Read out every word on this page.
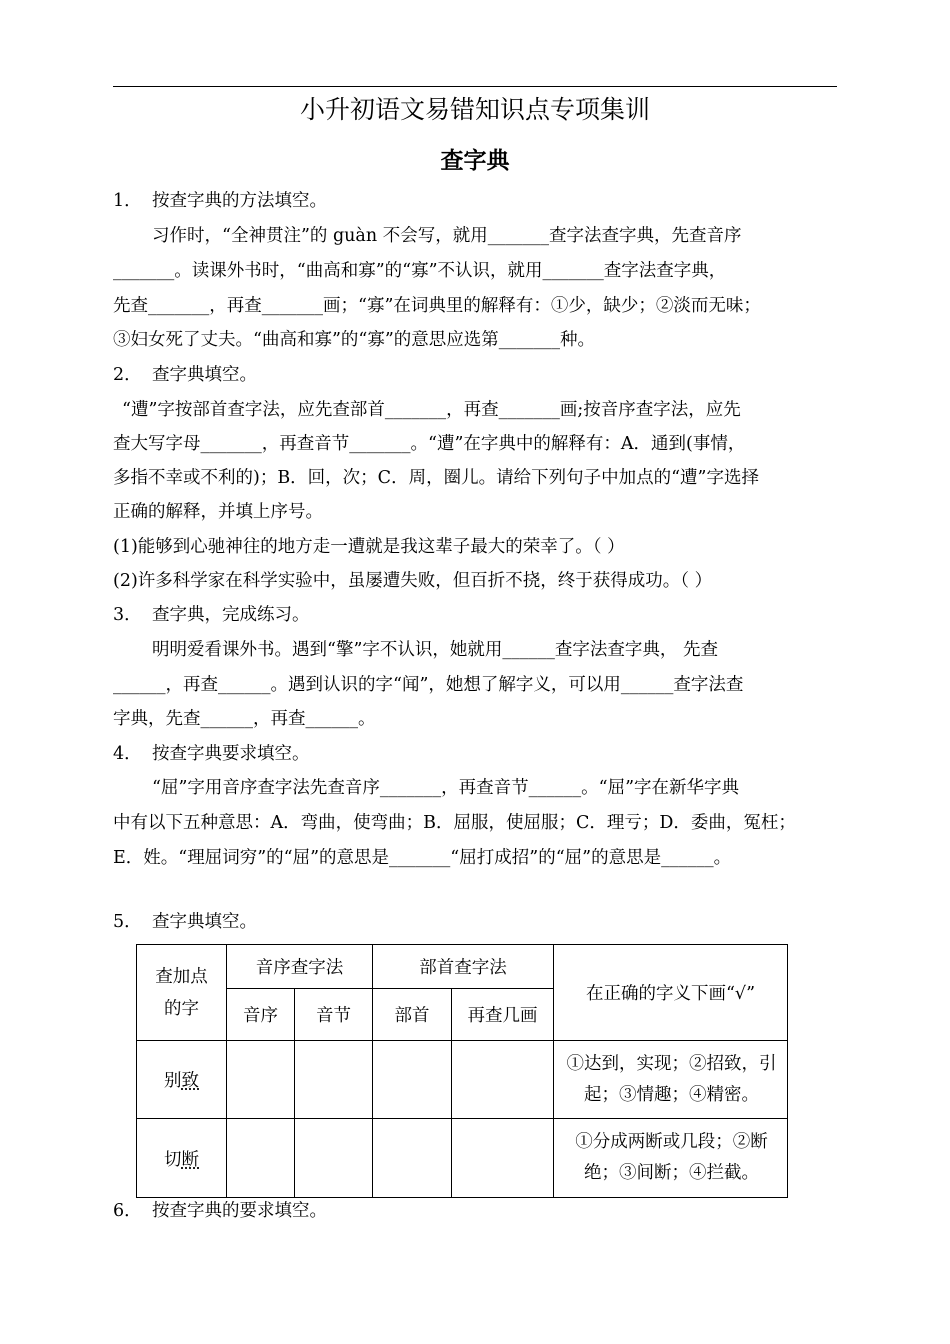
小升初语文易错知识点专项集训
查字典
1． 按查字典的方法填空。
习作时，“全神贯注”的 guàn 不会写，就用_______查字法查字典，先查音序
_______。读课外书时，“曲高和寡”的“寡”不认识，就用_______查字法查字典，
先查_______，再查_______画；“寡”在词典里的解释有：①少，缺少；②淡而无味；
③妇女死了丈夫。“曲高和寡”的“寡”的意思应选第_______种。
2． 查字典填空。
“遭”字按部首查字法，应先查部首_______，再查_______画;按音序查字法，应先
查大写字母_______，再查音节_______。“遭”在字典中的解释有：A．通到(事情，
多指不幸或不利的)；B．回，次；C．周，圈儿。请给下列句子中加点的“遭”字选择
正确的解释，并填上序号。
(1)能够到心驰神往的地方走一遭就是我这辈子最大的荣幸了。（ ）
(2)许多科学家在科学实验中，虽屡遭失败，但百折不挠，终于获得成功。（ ）
3． 查字典，完成练习。
明明爱看课外书。遇到“擎”字不认识，她就用______查字法查字典， 先查
______，再查______。遇到认识的字“闻”，她想了解字义，可以用______查字法查
字典，先查______，再查______。
4． 按查字典要求填空。
“屈”字用音序查字法先查音序_______，再查音节______。“屈”字在新华字典
中有以下五种意思：A．弯曲，使弯曲；B．屈服，使屈服；C．理亏；D．委曲，冤枉；
E．姓。“理屈词穷”的“屈”的意思是_______“屈打成招”的“屈”的意思是______。
5． 查字典填空。
查加点的字	音序查字法		部首查字法		在正确的字义下画“√”
	音序	音节	部首	再查几画	
别致					①达到，实现；②招致，引起；③情趣；④精密。
切断					①分成两断或几段；②断绝；③间断；④拦截。
6． 按查字典的要求填空。
